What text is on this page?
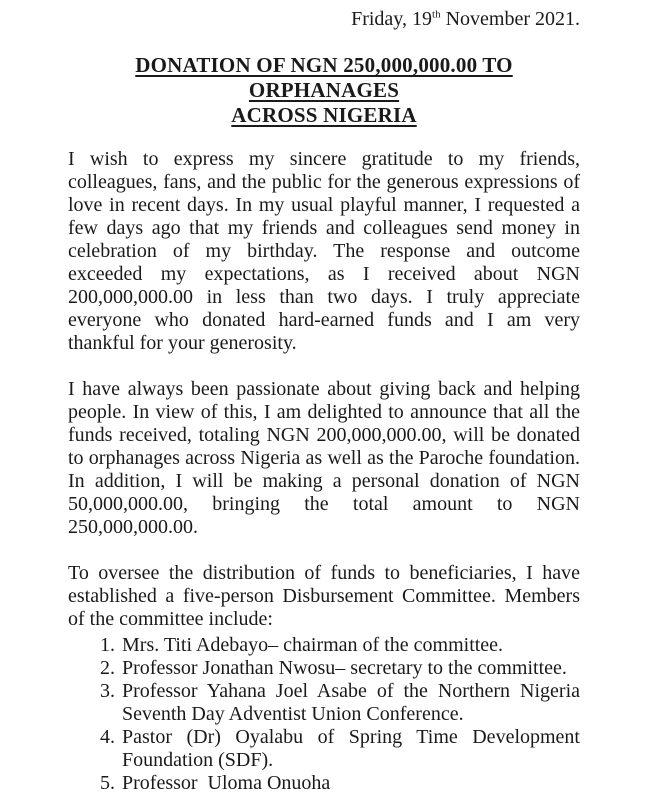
Friday, 19th November 2021.
DONATION OF NGN 250,000,000.00 TO ORPHANAGES
ACROSS NIGERIA

I wish to express my sincere gratitude to my friends, colleagues, fans, and the public for the generous expressions of love in recent days. In my usual playful manner, I requested a few days ago that my friends and colleagues send money in celebration of my birthday. The response and outcome exceeded my expectations, as I received about NGN 200,000,000.00 in less than two days. I truly appreciate everyone who donated hard-earned funds and I am very thankful for your generosity.

I have always been passionate about giving back and helping people. In view of this, I am delighted to announce that all the funds received, totaling NGN 200,000,000.00, will be donated to orphanages across Nigeria as well as the Paroche foundation. In addition, I will be making a personal donation of NGN 50,000,000.00, bringing the total amount to NGN 250,000,000.00.

To oversee the distribution of funds to beneficiaries, I have established a five-person Disbursement Committee. Members of the committee include:

1. Mrs. Titi Adebayo– chairman of the committee.
2. Professor Jonathan Nwosu– secretary to the committee.
3. Professor Yahana Joel Asabe of the Northern Nigeria Seventh Day Adventist Union Conference.
4. Pastor (Dr) Oyalabu of Spring Time Development Foundation (SDF).
5. Professor  Uloma Onuoha
